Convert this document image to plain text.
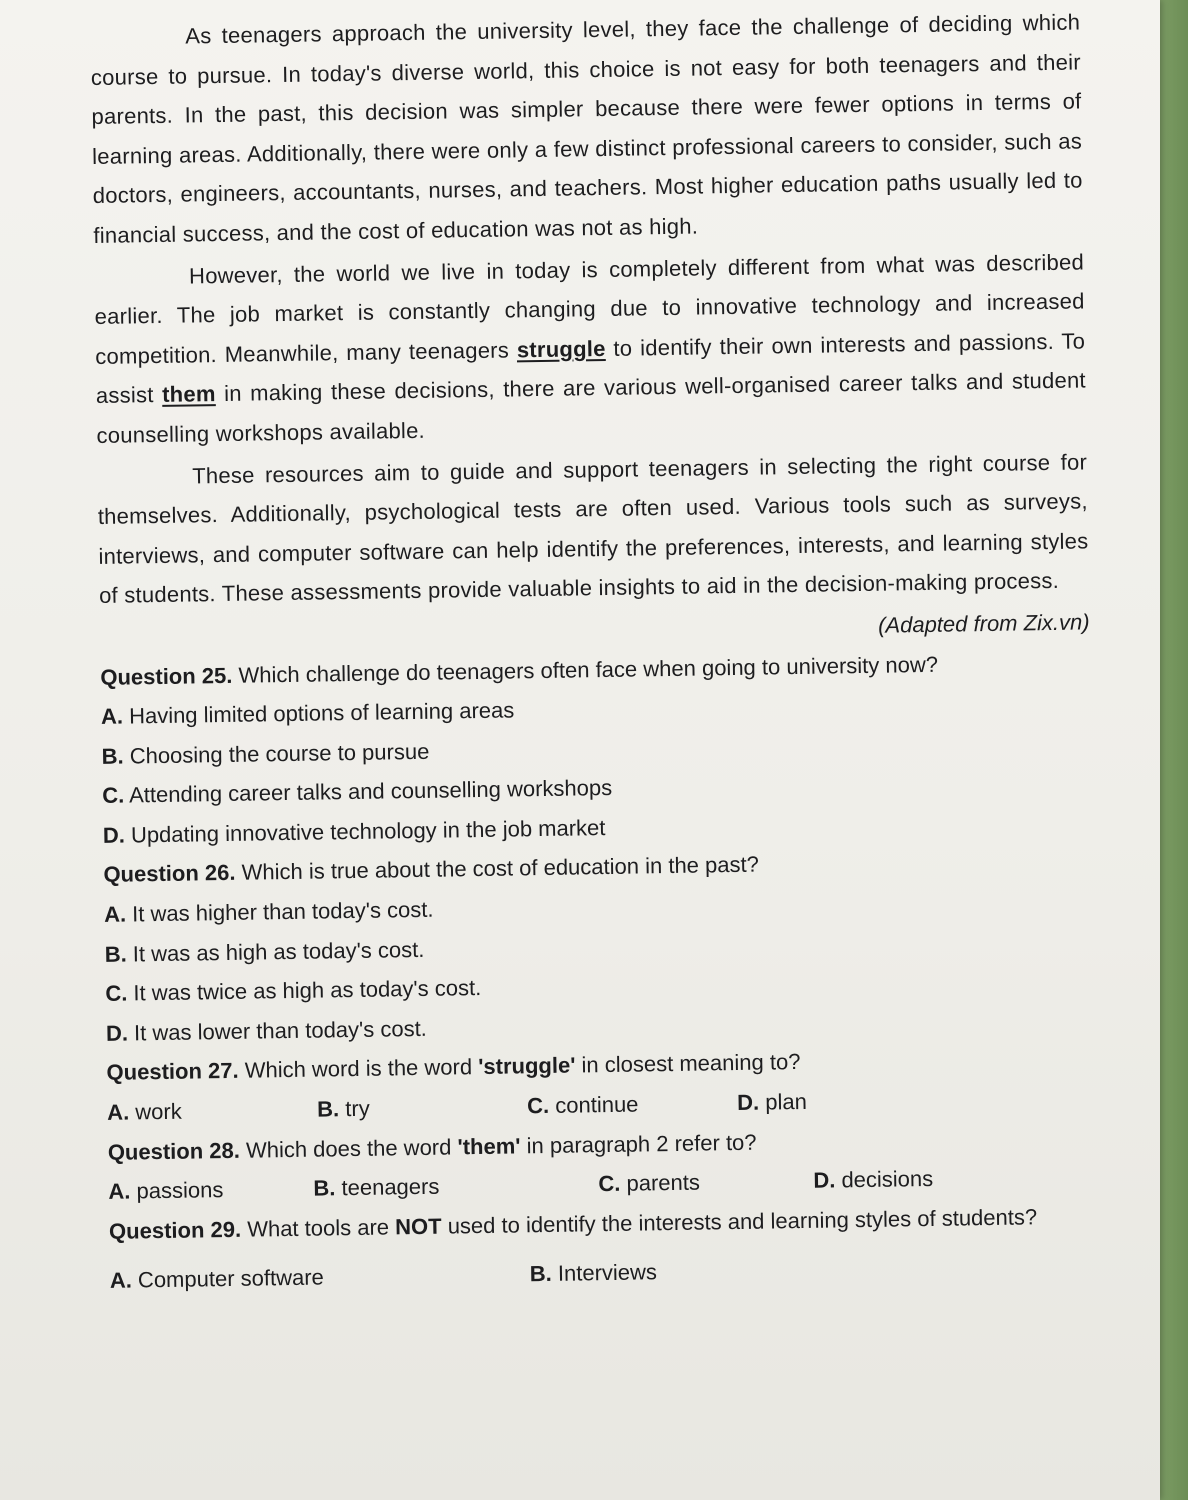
As teenagers approach the university level, they face the challenge of deciding which course to pursue. In today's diverse world, this choice is not easy for both teenagers and their parents. In the past, this decision was simpler because there were fewer options in terms of learning areas. Additionally, there were only a few distinct professional careers to consider, such as doctors, engineers, accountants, nurses, and teachers. Most higher education paths usually led to financial success, and the cost of education was not as high.

However, the world we live in today is completely different from what was described earlier. The job market is constantly changing due to innovative technology and increased competition. Meanwhile, many teenagers struggle to identify their own interests and passions. To assist them in making these decisions, there are various well-organised career talks and student counselling workshops available.

These resources aim to guide and support teenagers in selecting the right course for themselves. Additionally, psychological tests are often used. Various tools such as surveys, interviews, and computer software can help identify the preferences, interests, and learning styles of students. These assessments provide valuable insights to aid in the decision-making process.

(Adapted from Zix.vn)

Question 25. Which challenge do teenagers often face when going to university now?

A. Having limited options of learning areas

B. Choosing the course to pursue

C. Attending career talks and counselling workshops

D. Updating innovative technology in the job market

Question 26. Which is true about the cost of education in the past?

A. It was higher than today's cost.

B. It was as high as today's cost.

C. It was twice as high as today's cost.

D. It was lower than today's cost.

Question 27. Which word is the word 'struggle' in closest meaning to?

A. work	B. try	C. continue	D. plan

Question 28. Which does the word 'them' in paragraph 2 refer to?

A. passions	B. teenagers	C. parents	D. decisions

Question 29. What tools are NOT used to identify the interests and learning styles of students?

A. Computer software	B. Interviews
